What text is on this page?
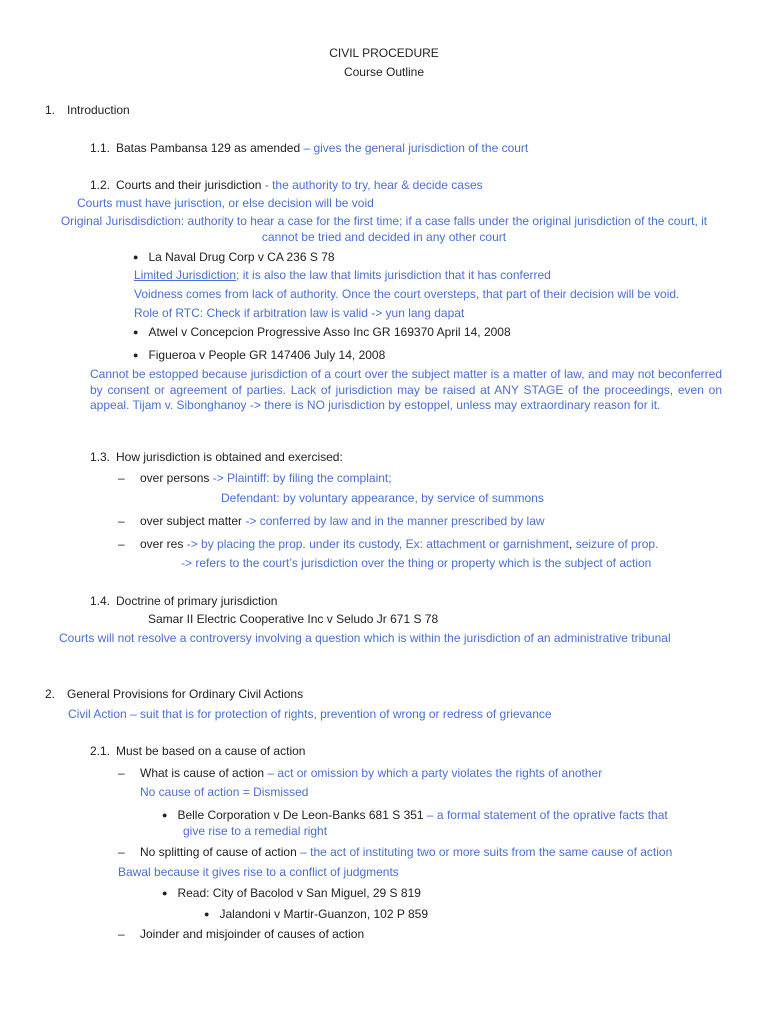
CIVIL PROCEDURE
Course Outline
1. Introduction
1.1. Batas Pambansa 129 as amended – gives the general jurisdiction of the court
1.2. Courts and their jurisdiction - the authority to try, hear & decide cases
Courts must have jurisction, or else decision will be void
Original Jurisdisdiction: authority to hear a case for the first time; if a case falls under the original jurisdiction of the court, it
cannot be tried and decided in any other court
● La Naval Drug Corp v CA 236 S 78
Limited Jurisdiction; it is also the law that limits jurisdiction that it has conferred
Voidness comes from lack of authority. Once the court oversteps, that part of their decision will be void.
Role of RTC: Check if arbitration law is valid -> yun lang dapat
● Atwel v Concepcion Progressive Asso Inc GR 169370 April 14, 2008
● Figueroa v People GR 147406 July 14, 2008
Cannot be estopped because jurisdiction of a court over the subject matter is a matter of law, and may not beconferred by consent or agreement of parties. Lack of jurisdiction may be raised at ANY STAGE of the proceedings, even on appeal. Tijam v. Sibonghanoy -> there is NO jurisdiction by estoppel, unless may extraordinary reason for it.
1.3. How jurisdiction is obtained and exercised:
– over persons -> Plaintiff: by filing the complaint;
Defendant: by voluntary appearance, by service of summons
– over subject matter -> conferred by law and in the manner prescribed by law
– over res -> by placing the prop. under its custody, Ex: attachment or garnishment, seizure of prop.
-> refers to the court’s jurisdiction over the thing or property which is the subject of action
1.4. Doctrine of primary jurisdiction
Samar II Electric Cooperative Inc v Seludo Jr 671 S 78
Courts will not resolve a controversy involving a question which is within the jurisdiction of an administrative tribunal
2. General Provisions for Ordinary Civil Actions
Civil Action – suit that is for protection of rights, prevention of wrong or redress of grievance
2.1. Must be based on a cause of action
– What is cause of action – act or omission by which a party violates the rights of another
No cause of action = Dismissed
● Belle Corporation v De Leon-Banks 681 S 351 – a formal statement of the oprative facts that
give rise to a remedial right
– No splitting of cause of action – the act of instituting two or more suits from the same cause of action
Bawal because it gives rise to a conflict of judgments
● Read: City of Bacolod v San Miguel, 29 S 819
● Jalandoni v Martir-Guanzon, 102 P 859
– Joinder and misjoinder of causes of action
